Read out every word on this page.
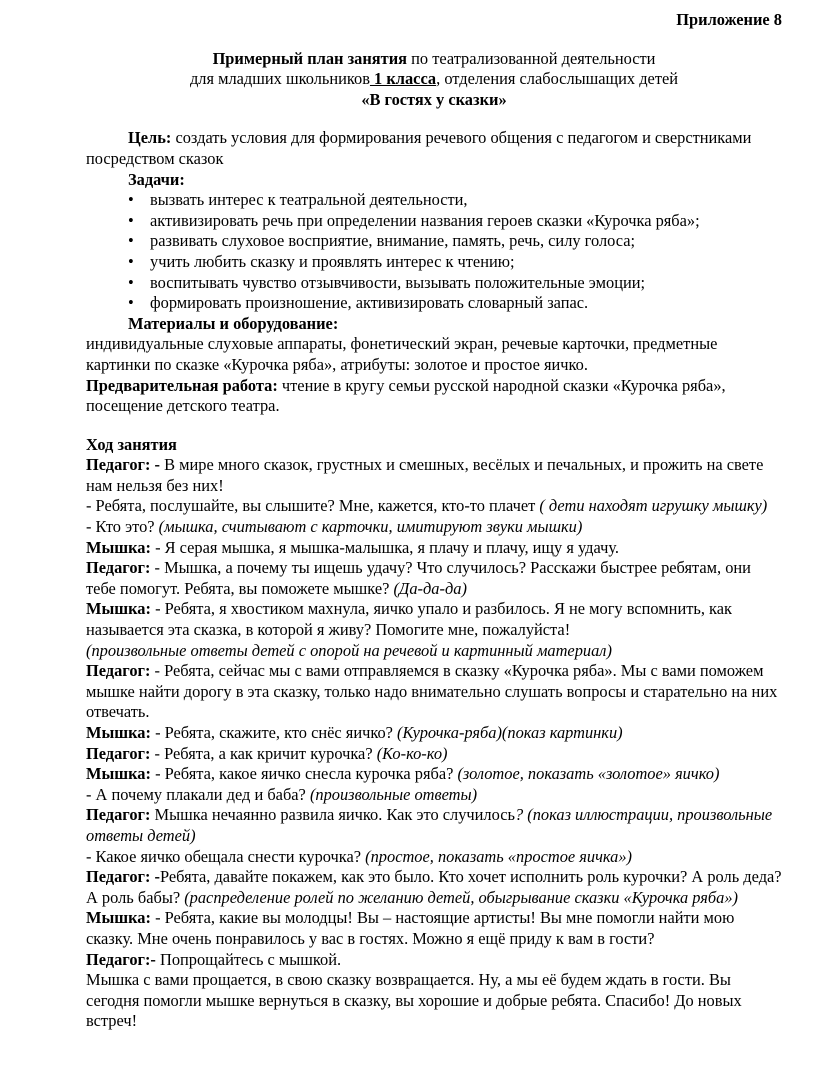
Приложение 8

Примерный план занятия по театрализованной деятельности

для младших школьников 1 класса, отделения слабослышащих детей

«В гостях у сказки»

Цель: создать условия для формирования речевого общения с педагогом и сверстниками посредством сказок

Задачи:

• вызвать интерес к театральной деятельности,
• активизировать речь при определении названия героев сказки «Курочка ряба»;
• развивать слуховое восприятие, внимание, память, речь, силу голоса;
• учить любить сказку и проявлять интерес к чтению;
• воспитывать чувство отзывчивости, вызывать положительные эмоции;
• формировать произношение, активизировать словарный запас.

Материалы и оборудование:

индивидуальные слуховые аппараты, фонетический экран, речевые карточки, предметные картинки по сказке «Курочка ряба», атрибуты: золотое и простое яичко.

Предварительная работа: чтение в кругу семьи русской народной сказки «Курочка ряба», посещение детского театра.

Ход занятия

Педагог: - В мире много сказок, грустных и смешных, весёлых и печальных, и прожить на свете нам нельзя без них!

- Ребята, послушайте, вы слышите? Мне, кажется, кто-то плачет ( дети находят игрушку мышку)

- Кто это? (мышка, считывают с карточки, имитируют звуки мышки)

Мышка: - Я серая мышка, я мышка-малышка, я плачу и плачу, ищу я удачу.

Педагог: - Мышка, а почему ты ищешь удачу? Что случилось? Расскажи быстрее ребятам, они тебе помогут. Ребята, вы поможете мышке? (Да-да-да)

Мышка: - Ребята, я хвостиком махнула, яичко упало и разбилось. Я не могу вспомнить, как называется эта сказка, в которой я живу? Помогите мне, пожалуйста!

(произвольные ответы детей с опорой на речевой и картинный материал)

Педагог: - Ребята, сейчас мы с вами отправляемся в сказку «Курочка ряба». Мы с вами поможем мышке найти дорогу в эта сказку, только надо внимательно слушать вопросы и старательно на них отвечать.

Мышка: - Ребята, скажите, кто снёс яичко? (Курочка-ряба)(показ картинки)

Педагог: - Ребята, а как кричит курочка? (Ко-ко-ко)

Мышка: - Ребята, какое яичко снесла курочка ряба? (золотое, показать «золотое» яичко)

- А почему плакали дед и баба? (произвольные ответы)

Педагог: Мышка нечаянно развила яичко. Как это случилось? (показ иллюстрации, произвольные ответы детей)

- Какое яичко обещала снести курочка? (простое, показать «простое яичка»)

Педагог: -Ребята, давайте покажем, как это было. Кто хочет исполнить роль курочки? А роль деда? А роль бабы? (распределение ролей по желанию детей, обыгрывание сказки «Курочка ряба»)

Мышка: - Ребята, какие вы молодцы! Вы – настоящие артисты! Вы мне помогли найти мою сказку. Мне очень понравилось у вас в гостях. Можно я ещё приду к вам в гости?

Педагог:- Попрощайтесь с мышкой.

Мышка с вами прощается, в свою сказку возвращается. Ну, а мы её будем ждать в гости. Вы сегодня помогли мышке вернуться в сказку, вы хорошие и добрые ребята. Спасибо! До новых встреч!
